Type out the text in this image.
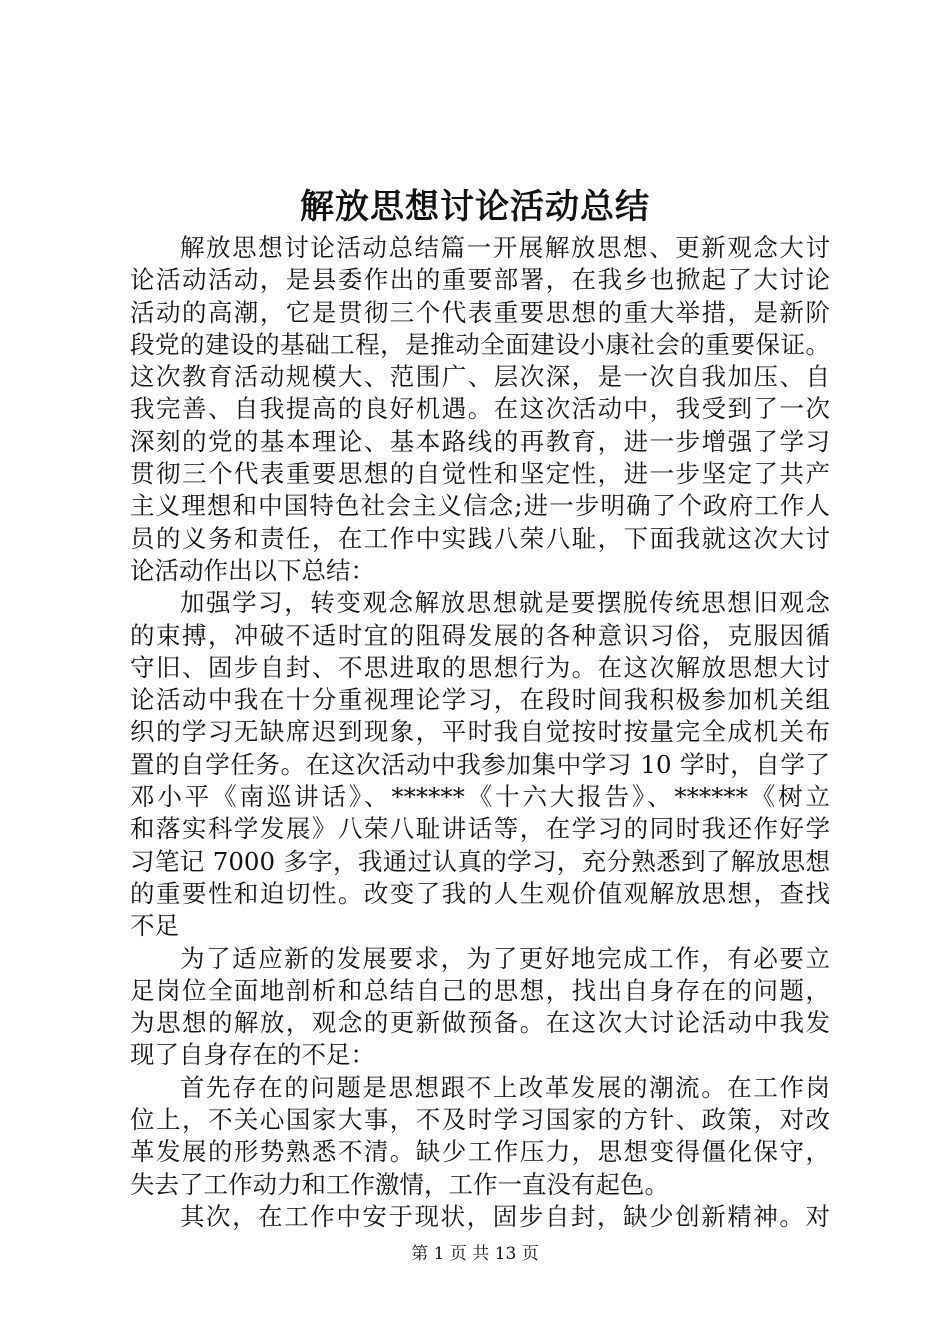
解放思想讨论活动总结
解放思想讨论活动总结篇一开展解放思想、更新观念大讨
论活动活动，是县委作出的重要部署，在我乡也掀起了大讨论
活动的高潮，它是贯彻三个代表重要思想的重大举措，是新阶
段党的建设的基础工程，是推动全面建设小康社会的重要保证。
这次教育活动规模大、范围广、层次深，是一次自我加压、自
我完善、自我提高的良好机遇。在这次活动中，我受到了一次
深刻的党的基本理论、基本路线的再教育，进一步增强了学习
贯彻三个代表重要思想的自觉性和坚定性，进一步坚定了共产
主义理想和中国特色社会主义信念;进一步明确了个政府工作人
员的义务和责任，在工作中实践八荣八耻，下面我就这次大讨
论活动作出以下总结：
加强学习，转变观念解放思想就是要摆脱传统思想旧观念
的束搏，冲破不适时宜的阻碍发展的各种意识习俗，克服因循
守旧、固步自封、不思进取的思想行为。在这次解放思想大讨
论活动中我在十分重视理论学习，在段时间我积极参加机关组
织的学习无缺席迟到现象，平时我自觉按时按量完全成机关布
置的自学任务。在这次活动中我参加集中学习 10 学时，自学了
邓小平《南巡讲话》、******《十六大报告》、******《树立
和落实科学发展》八荣八耻讲话等，在学习的同时我还作好学
习笔记 7000 多字，我通过认真的学习，充分熟悉到了解放思想
的重要性和迫切性。改变了我的人生观价值观解放思想，查找
不足
为了适应新的发展要求，为了更好地完成工作，有必要立
足岗位全面地剖析和总结自己的思想，找出自身存在的问题，
为思想的解放，观念的更新做预备。在这次大讨论活动中我发
现了自身存在的不足：
首先存在的问题是思想跟不上改革发展的潮流。在工作岗
位上，不关心国家大事，不及时学习国家的方针、政策，对改
革发展的形势熟悉不清。缺少工作压力，思想变得僵化保守，
失去了工作动力和工作激情，工作一直没有起色。
其次，在工作中安于现状，固步自封，缺少创新精神。对
第 1 页 共 13 页
